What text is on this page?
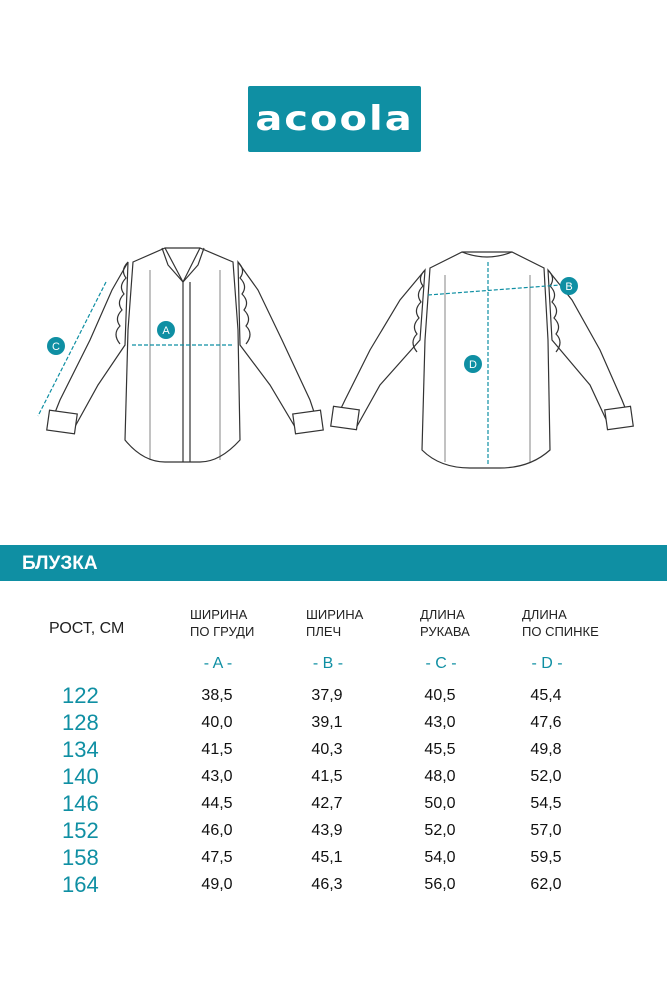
acoola
A
C
B
D
БЛУЗКА
РОСТ, СМ
ШИРИНА
ПО ГРУДИ
ШИРИНА
ПЛЕЧ
ДЛИНА
РУКАВА
ДЛИНА
ПО СПИНКЕ
- A -	- B -	- C -	- D -
122	38,5	37,9	40,5	45,4
128	40,0	39,1	43,0	47,6
134	41,5	40,3	45,5	49,8
140	43,0	41,5	48,0	52,0
146	44,5	42,7	50,0	54,5
152	46,0	43,9	52,0	57,0
158	47,5	45,1	54,0	59,5
164	49,0	46,3	56,0	62,0
